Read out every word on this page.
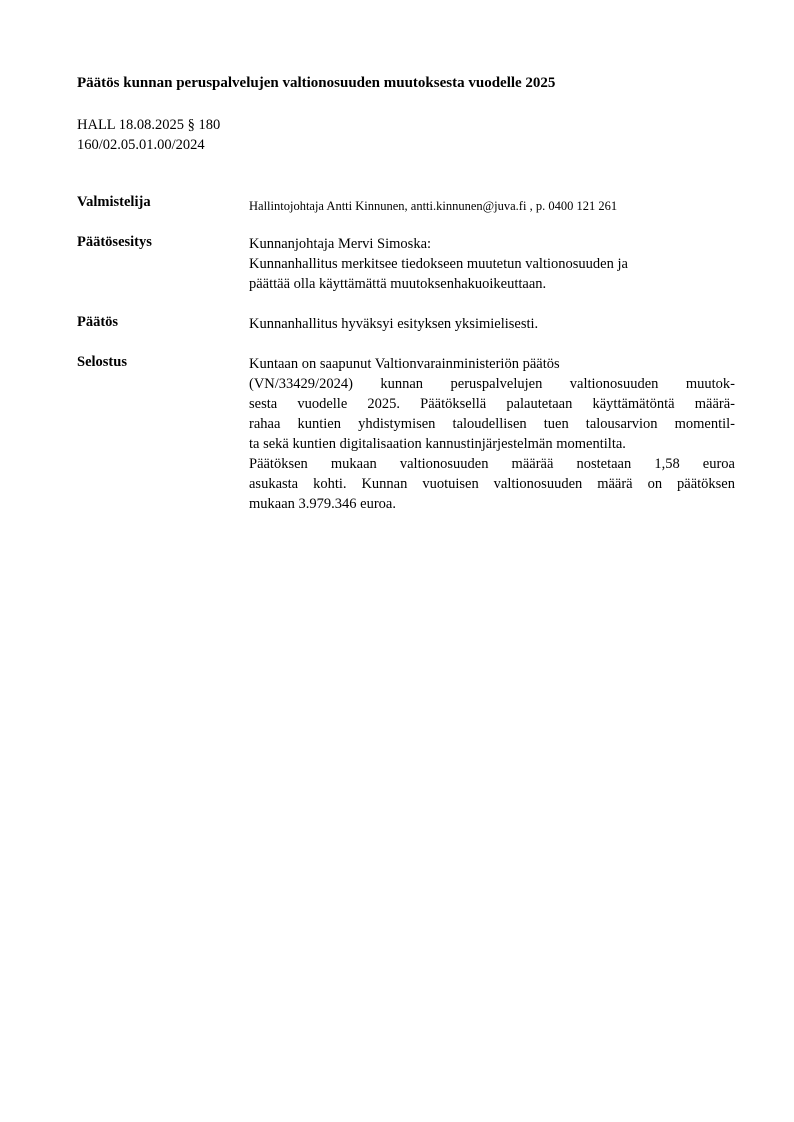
Päätös kunnan peruspalvelujen valtionosuuden muutoksesta vuodelle 2025
HALL 18.08.2025 § 180
160/02.05.01.00/2024
Valmistelija	Hallintojohtaja Antti Kinnunen, antti.kinnunen@juva.fi , p. 0400 121 261
Päätösesitys	Kunnanjohtaja Mervi Simoska:
Kunnanhallitus merkitsee tiedokseen muutetun valtionosuuden ja
päättää olla käyttämättä muutoksenhakuoikeuttaan.
Päätös	Kunnanhallitus hyväksyi esityksen yksimielisesti.
Selostus	Kuntaan on saapunut Valtionvarainministeriön päätös
(VN/33429/2024) kunnan peruspalvelujen valtionosuuden muutok-
sesta vuodelle 2025. Päätöksellä palautetaan käyttämätöntä määrä-
rahaa kuntien yhdistymisen taloudellisen tuen talousarvion momentil-
ta sekä kuntien digitalisaation kannustinjärjestelmän momentilta.
Päätöksen mukaan valtionosuuden määrää nostetaan 1,58 euroa
asukasta kohti. Kunnan vuotuisen valtionosuuden määrä on päätöksen
mukaan 3.979.346 euroa.
